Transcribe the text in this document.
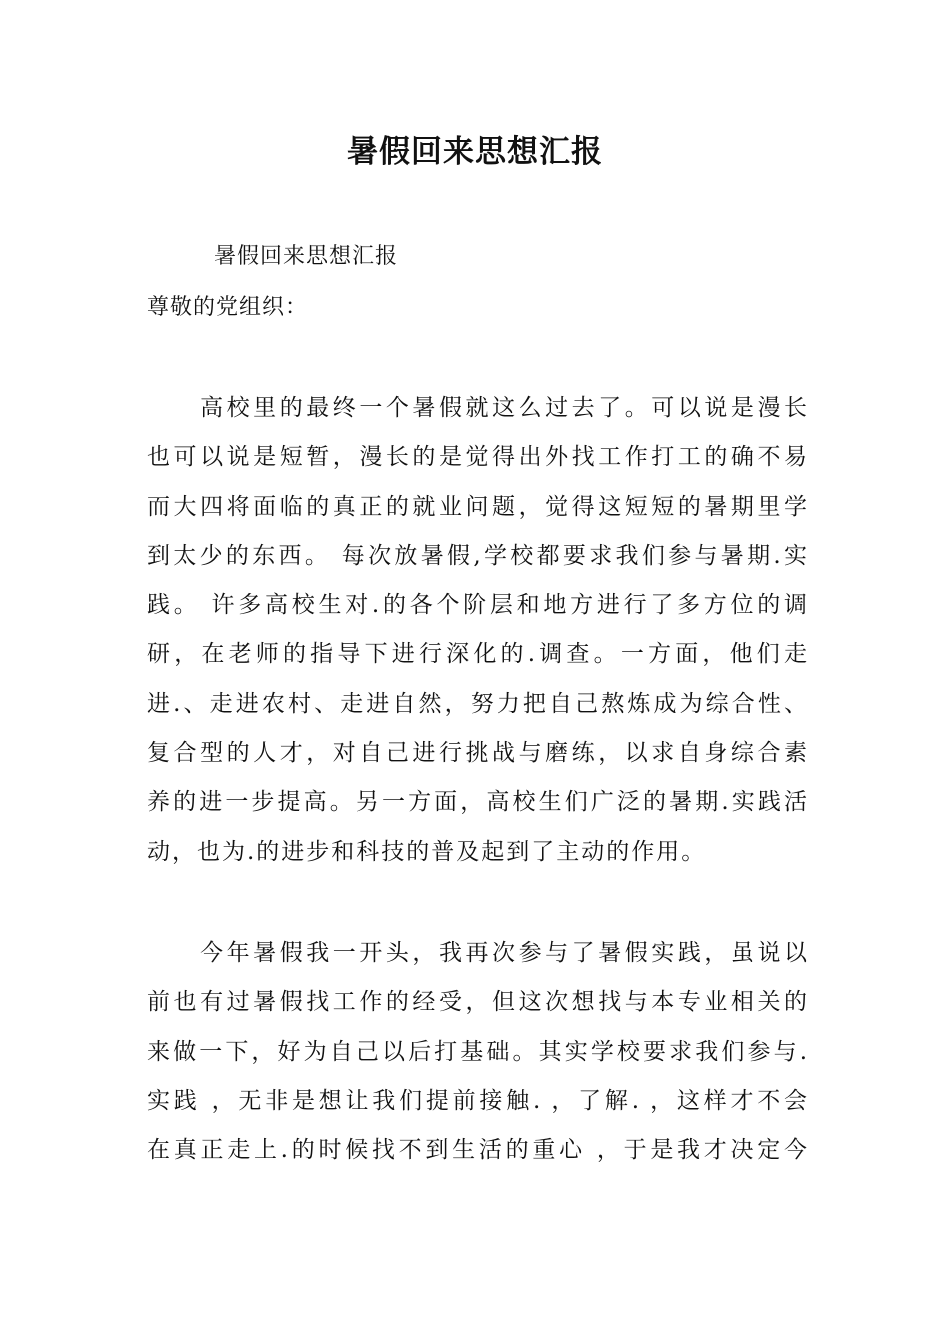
暑假回来思想汇报
暑假回来思想汇报
尊敬的党组织：
　　高校里的最终一个暑假就这么过去了。可以说是漫长
也可以说是短暂，漫长的是觉得出外找工作打工的确不易
而大四将面临的真正的就业问题，觉得这短短的暑期里学
到太少的东西。 每次放暑假,学校都要求我们参与暑期.实
践。 许多高校生对.的各个阶层和地方进行了多方位的调
研，在老师的指导下进行深化的.调查。一方面，他们走
进.、走进农村、走进自然，努力把自己熬炼成为综合性、
复合型的人才，对自己进行挑战与磨练，以求自身综合素
养的进一步提高。另一方面，高校生们广泛的暑期.实践活
动，也为.的进步和科技的普及起到了主动的作用。
　　今年暑假我一开头，我再次参与了暑假实践，虽说以
前也有过暑假找工作的经受，但这次想找与本专业相关的
来做一下，好为自己以后打基础。其实学校要求我们参与.
实践 ，无非是想让我们提前接触. ，了解. ，这样才不会
在真正走上.的时候找不到生活的重心 ，于是我才决定今
